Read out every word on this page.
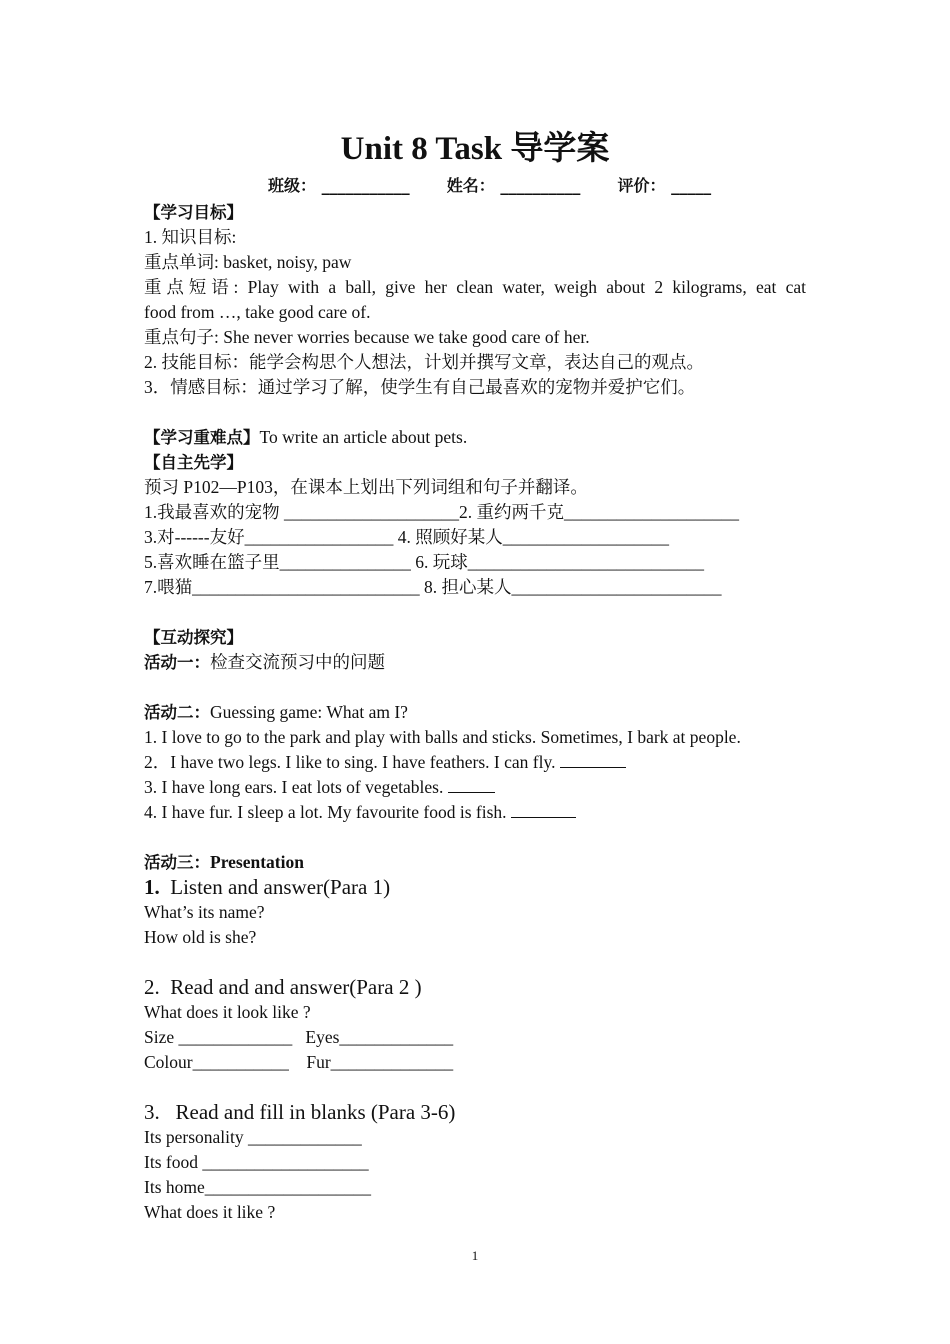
Unit 8 Task 导学案
班级： ___________ 姓名： __________ 评价： _____
【学习目标】
1. 知识目标:
重点单词: basket, noisy, paw
重点短语: Play with a ball, give her clean water, weigh about 2 kilograms, eat cat
food from …, take good care of.
重点句子: She never worries because we take good care of her.
2. 技能目标：能学会构思个人想法，计划并撰写文章，表达自己的观点。
3．情感目标：通过学习了解，使学生有自己最喜欢的宠物并爱护它们。
【学习重难点】To write an article about pets.
【自主先学】
预习 P102—P103，在课本上划出下列词组和句子并翻译。
1.我最喜欢的宠物 ____________________2. 重约两千克____________________
3.对------友好_________________ 4. 照顾好某人___________________
5.喜欢睡在篮子里_______________ 6. 玩球___________________________
7.喂猫__________________________ 8. 担心某人________________________
【互动探究】
活动一：检查交流预习中的问题
活动二：Guessing game: What am I?
1. I love to go to the park and play with balls and sticks. Sometimes, I bark at people.
2．I have two legs. I like to sing. I have feathers. I can fly.
3. I have long ears. I eat lots of vegetables.
4. I have fur. I sleep a lot. My favourite food is fish.
活动三：Presentation
1.  Listen and answer(Para 1)
What’s its name?
How old is she?
2.  Read and and answer(Para 2 )
What does it look like ?
Size _____________   Eyes_____________
Colour___________    Fur______________
3.   Read and fill in blanks (Para 3-6)
Its personality _____________
Its food ___________________
Its home___________________
What does it like ?
1
